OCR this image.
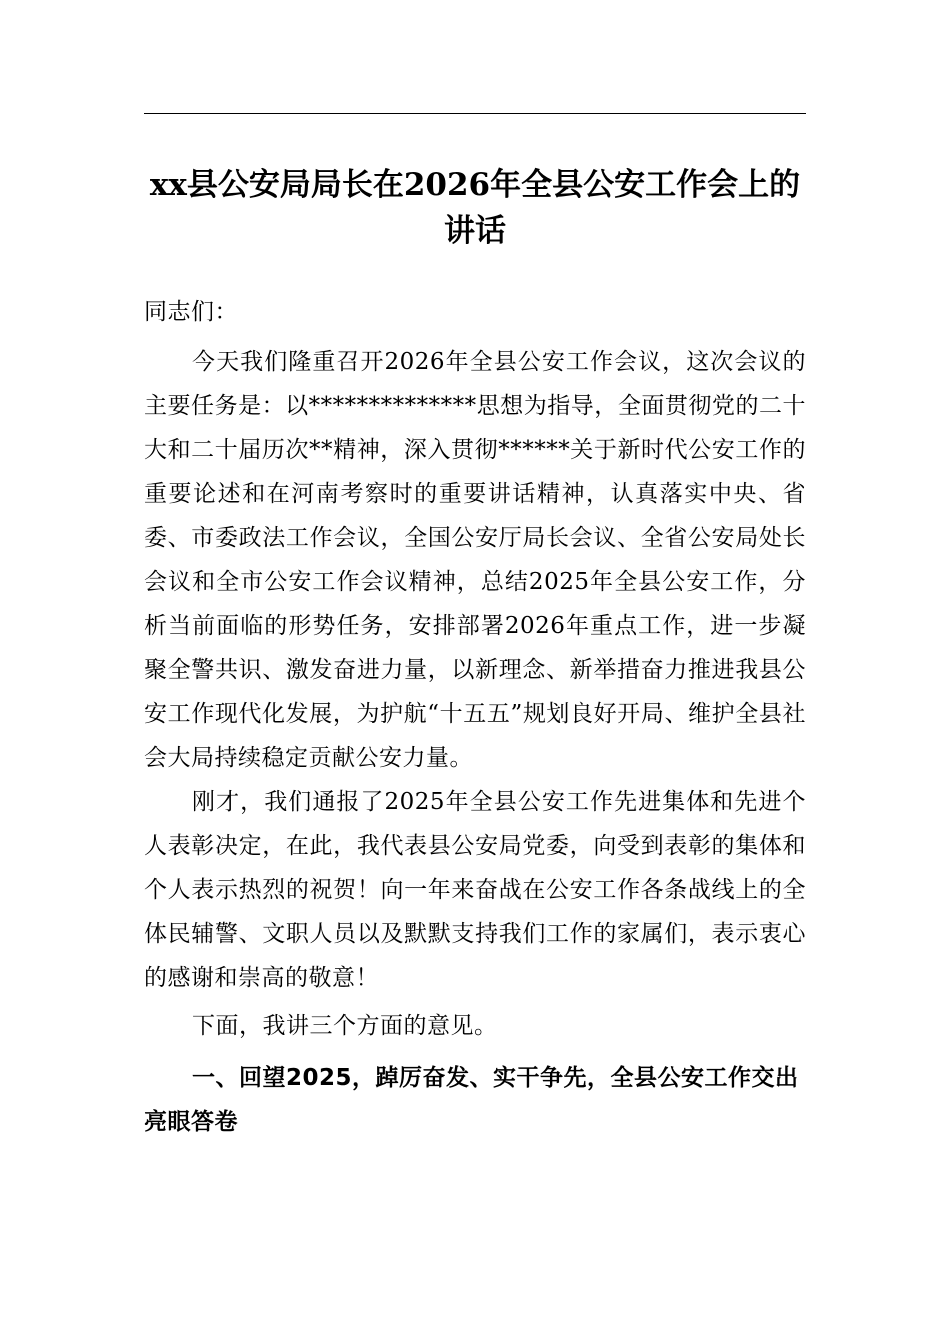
xx县公安局局长在2026年全县公安工作会上的讲话

同志们：

今天我们隆重召开2026年全县公安工作会议，这次会议的主要任务是：以**************思想为指导，全面贯彻党的二十大和二十届历次**精神，深入贯彻******关于新时代公安工作的重要论述和在河南考察时的重要讲话精神，认真落实中央、省委、市委政法工作会议，全国公安厅局长会议、全省公安局处长会议和全市公安工作会议精神，总结2025年全县公安工作，分析当前面临的形势任务，安排部署2026年重点工作，进一步凝聚全警共识、激发奋进力量，以新理念、新举措奋力推进我县公安工作现代化发展，为护航“十五五”规划良好开局、维护全县社会大局持续稳定贡献公安力量。

刚才，我们通报了2025年全县公安工作先进集体和先进个人表彰决定，在此，我代表县公安局党委，向受到表彰的集体和个人表示热烈的祝贺！向一年来奋战在公安工作各条战线上的全体民辅警、文职人员以及默默支持我们工作的家属们，表示衷心的感谢和崇高的敬意！

下面，我讲三个方面的意见。

一、回望2025，踔厉奋发、实干争先，全县公安工作交出亮眼答卷
